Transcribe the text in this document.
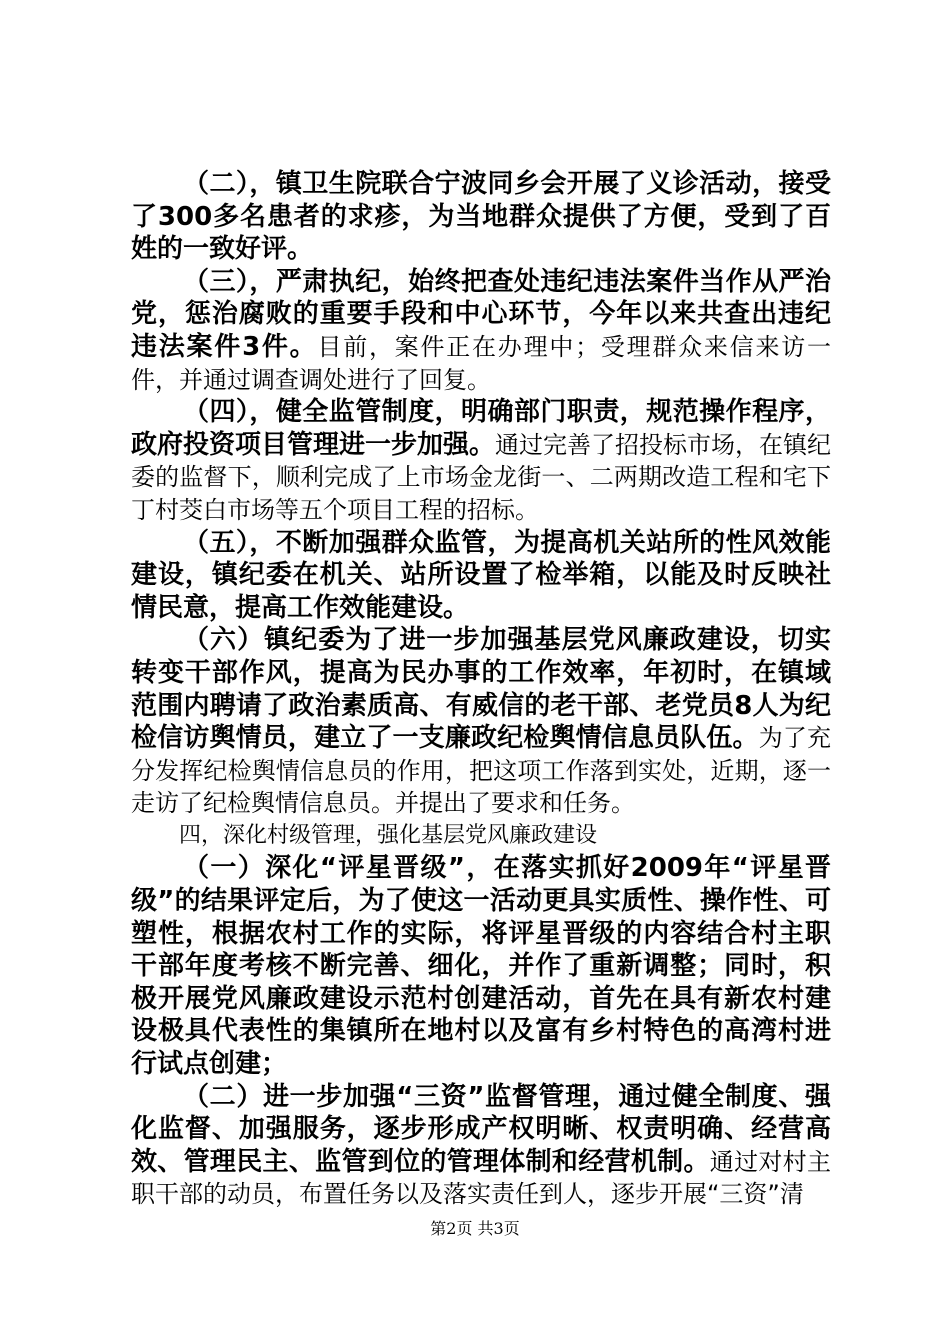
（二），镇卫生院联合宁波同乡会开展了义诊活动，接受了300多名患者的求疹，为当地群众提供了方便，受到了百姓的一致好评。

（三），严肃执纪，始终把查处违纪违法案件当作从严治党，惩治腐败的重要手段和中心环节，今年以来共查出违纪违法案件3件。目前，案件正在办理中；受理群众来信来访一件，并通过调查调处进行了回复。

（四），健全监管制度，明确部门职责，规范操作程序，政府投资项目管理进一步加强。通过完善了招投标市场，在镇纪委的监督下，顺利完成了上市场金龙街一、二两期改造工程和宅下丁村茭白市场等五个项目工程的招标。

（五），不断加强群众监管，为提高机关站所的性风效能建设，镇纪委在机关、站所设置了检举箱，以能及时反映社情民意，提高工作效能建设。

（六）镇纪委为了进一步加强基层党风廉政建设，切实转变干部作风，提高为民办事的工作效率，年初时，在镇域范围内聘请了政治素质高、有威信的老干部、老党员8人为纪检信访舆情员，建立了一支廉政纪检舆情信息员队伍。为了充分发挥纪检舆情信息员的作用，把这项工作落到实处，近期，逐一走访了纪检舆情信息员。并提出了要求和任务。

四，深化村级管理，强化基层党风廉政建设

（一）深化“评星晋级”，在落实抓好2009年“评星晋级”的结果评定后，为了使这一活动更具实质性、操作性、可塑性，根据农村工作的实际，将评星晋级的内容结合村主职干部年度考核不断完善、细化，并作了重新调整；同时，积极开展党风廉政建设示范村创建活动，首先在具有新农村建设极具代表性的集镇所在地村以及富有乡村特色的高湾村进行试点创建；

（二）进一步加强“三资”监督管理，通过健全制度、强化监督、加强服务，逐步形成产权明晰、权责明确、经营高效、管理民主、监管到位的管理体制和经营机制。通过对村主职干部的动员，布置任务以及落实责任到人，逐步开展“三资”清

第2页 共3页
